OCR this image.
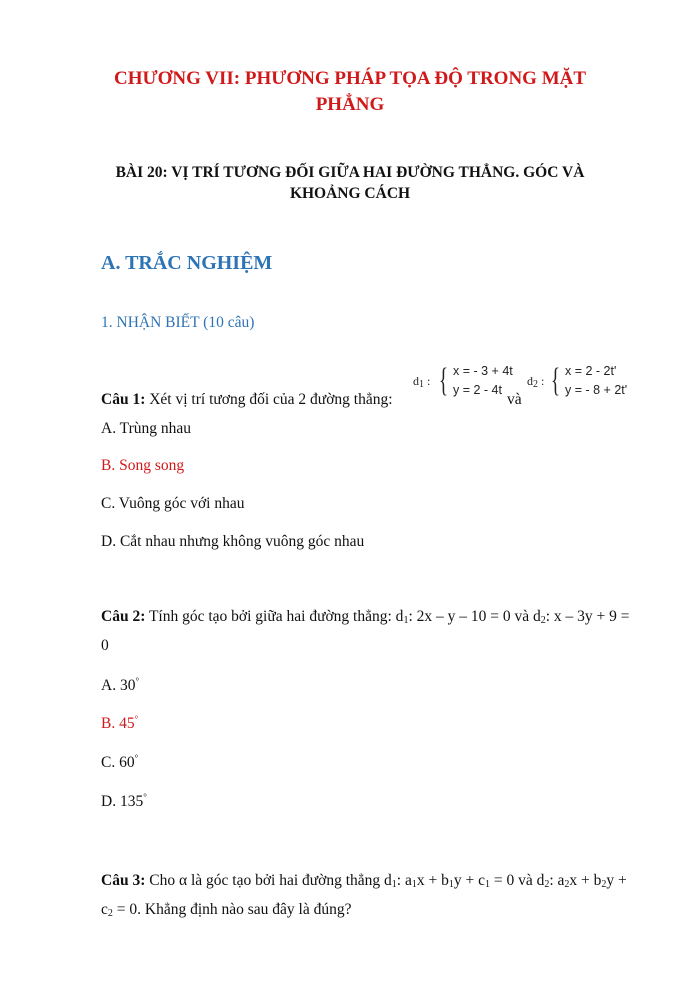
CHƯƠNG VII: PHƯƠNG PHÁP TỌA ĐỘ TRONG MẶT PHẲNG
BÀI 20: VỊ TRÍ TƯƠNG ĐỐI GIỮA HAI ĐƯỜNG THẲNG. GÓC VÀ KHOẢNG CÁCH
A. TRẮC NGHIỆM
1. NHẬN BIẾT (10 câu)
Câu 1: Xét vị trí tương đối của 2 đường thẳng:
$d_1$ : { x = - 3 + 4t
y = 2 - 4t
và
$d_2$ : { x = 2 - 2t'
y = - 8 + 2t'
A. Trùng nhau
B. Song song
C. Vuông góc với nhau
D. Cắt nhau nhưng không vuông góc nhau
Câu 2: Tính góc tạo bởi giữa hai đường thẳng: $d_1$: 2x – y – 10 = 0 và $d_2$: x – 3y + 9 = 0
A. 30°
B. 45°
C. 60°
D. 135°
Câu 3: Cho α là góc tạo bởi hai đường thẳng $d_1$: $a_1x + b_1y + c_1 = 0$ và $d_2$: $a_2x + b_2y + c_2 = 0$. Khẳng định nào sau đây là đúng?
